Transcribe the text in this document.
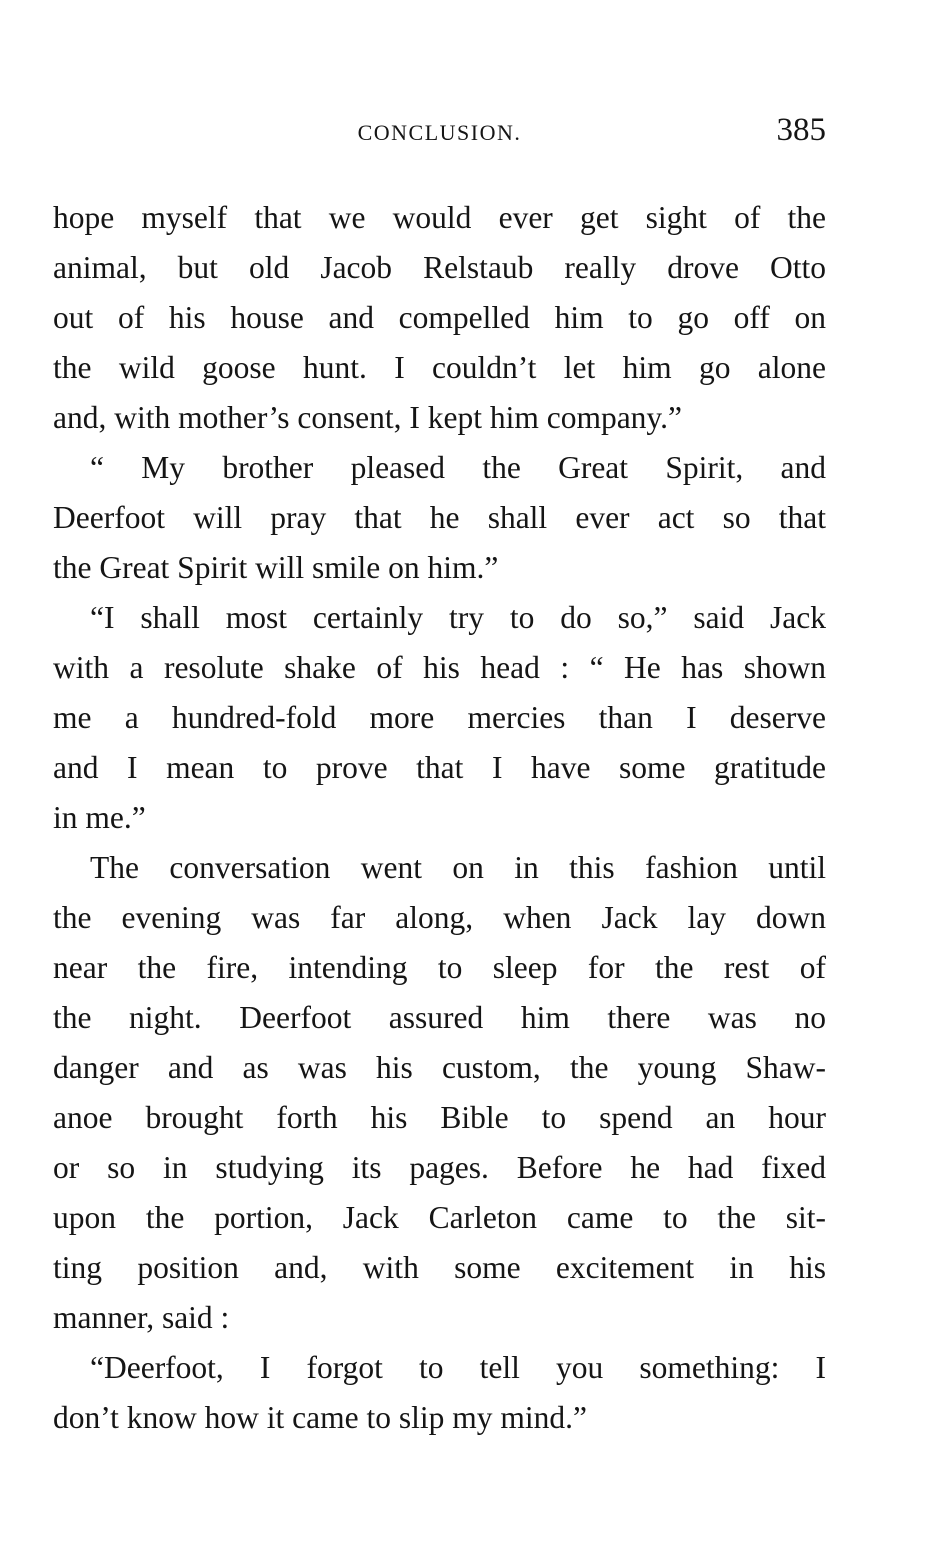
CONCLUSION.	385
hope myself that we would ever get sight of the
animal, but old Jacob Relstaub really drove Otto
out of his house and compelled him to go off on
the wild goose hunt. I couldn’t let him go alone
and, with mother’s consent, I kept him company.”
“ My brother pleased the Great Spirit, and
Deerfoot will pray that he shall ever act so that
the Great Spirit will smile on him.”
“I shall most certainly try to do so,” said Jack
with a resolute shake of his head : “ He has shown
me a hundred-fold more mercies than I deserve
and I mean to prove that I have some gratitude
in me.”
The conversation went on in this fashion until
the evening was far along, when Jack lay down
near the fire, intending to sleep for the rest of
the night. Deerfoot assured him there was no
danger and as was his custom, the young Shaw-
anoe brought forth his Bible to spend an hour
or so in studying its pages. Before he had fixed
upon the portion, Jack Carleton came to the sit-
ting position and, with some excitement in his
manner, said :
“Deerfoot, I forgot to tell you something: I
don’t know how it came to slip my mind.”
